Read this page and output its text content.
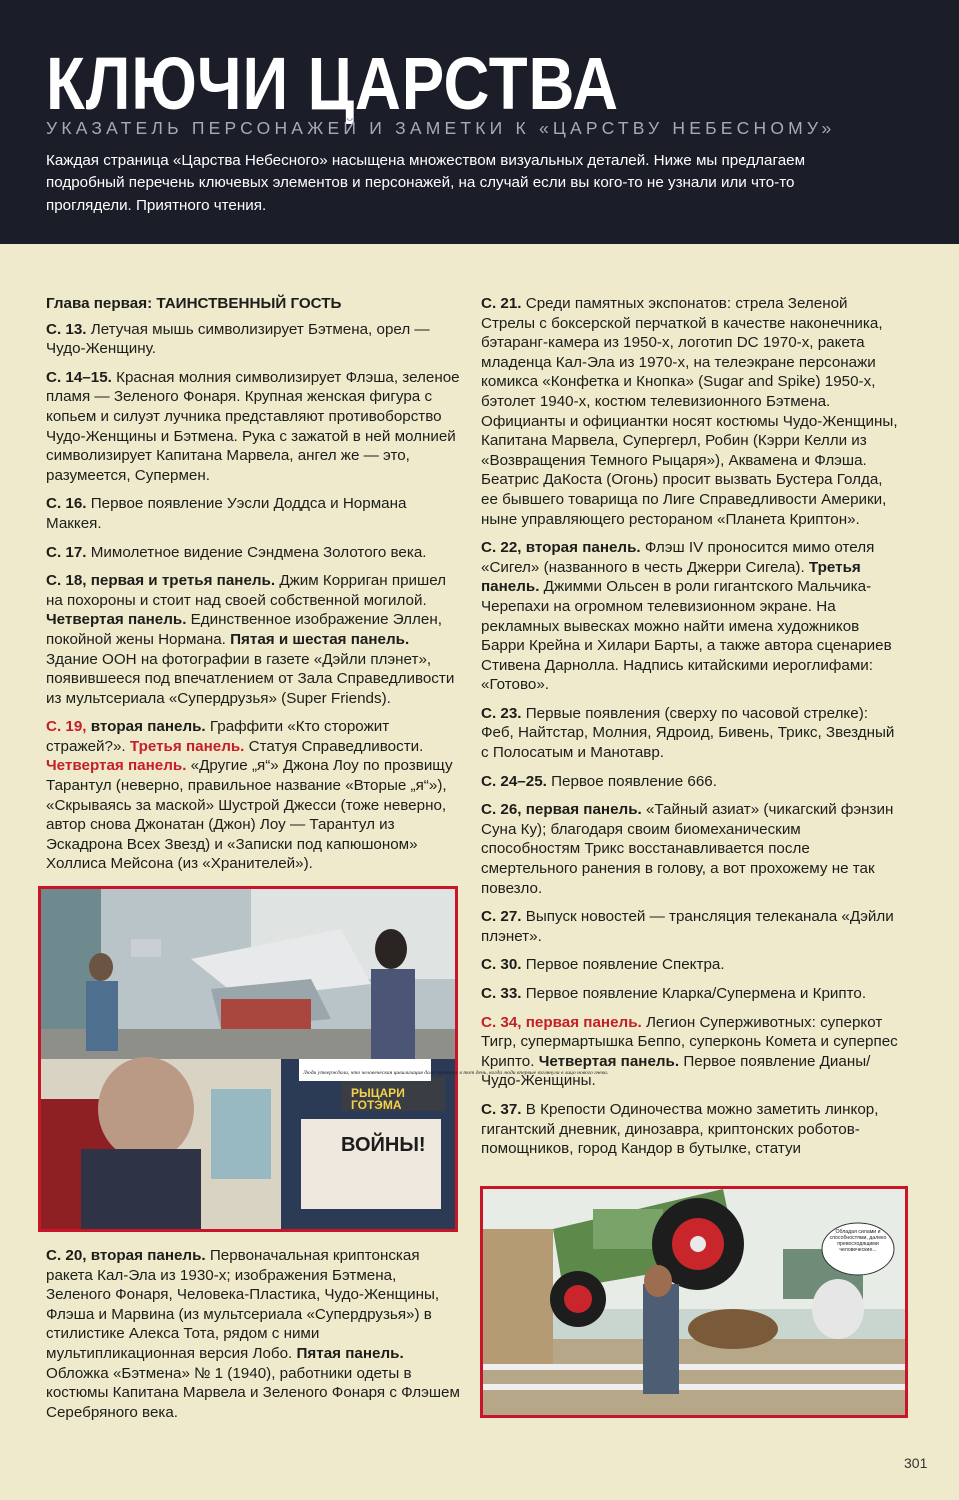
КЛЮЧИ ЦАРСТВА
УКАЗАТЕЛЬ ПЕРСОНАЖЕЙ И ЗАМЕТКИ К «ЦАРСТВУ НЕБЕСНОМУ»
Каждая страница «Царства Небесного» насыщена множеством визуальных деталей. Ниже мы предлагаем подробный перечень ключевых элементов и персонажей, на случай если вы кого-то не узнали или что-то проглядели. Приятного чтения.

Глава первая: ТАИНСТВЕННЫЙ ГОСТЬ

С. 13. Летучая мышь символизирует Бэтмена, орел — Чудо-Женщину.

С. 14–15. Красная молния символизирует Флэша, зеленое пламя — Зеленого Фонаря. Крупная женская фигура с копьем и силуэт лучника представляют противоборство Чудо-Женщины и Бэтмена. Рука с зажатой в ней молнией символизирует Капитана Марвела, ангел же — это, разумеется, Супермен.

С. 16. Первое появление Уэсли Доддса и Нормана Маккея.

С. 17. Мимолетное видение Сэндмена Золотого века.

С. 18, первая и третья панель. Джим Корриган пришел на похороны и стоит над своей собственной могилой. Четвертая панель. Единственное изображение Эллен, покойной жены Нормана. Пятая и шестая панель. Здание ООН на фотографии в газете «Дэйли плэнет», появившееся под впечатлением от Зала Справедливости из мультсериала «Супердрузья» (Super Friends).

С. 19, вторая панель. Граффити «Кто сторожит стражей?». Третья панель. Статуя Справедливости. Четвертая панель. «Другие „я“» Джона Лоу по прозвищу Тарантул (неверно, правильное название «Вторые „я“»), «Скрываясь за маской» Шустрой Джесси (тоже неверно, автор снова Джонатан (Джон) Лоу — Тарантул из Эскадрона Всех Звезд) и «Записки под капюшоном» Холлиса Мейсона (из «Хранителей»).

Люди утверждали, что человеческая цивилизация дала трещину в тот день, когда люди впервые взглянули в лицо нового гнева.
РЫЦАРИ
ГОТЭМА
ВОЙНЫ!

С. 20, вторая панель. Первоначальная криптонская ракета Кал-Эла из 1930-х; изображения Бэтмена, Зеленого Фонаря, Человека-Пластика, Чудо-Женщины, Флэша и Марвина (из мультсериала «Супердрузья») в стилистике Алекса Тота, рядом с ними мультипликационная версия Лобо. Пятая панель. Обложка «Бэтмена» № 1 (1940), работники одеты в костюмы Капитана Марвела и Зеленого Фонаря с Флэшем Серебряного века.

С. 21. Среди памятных экспонатов: стрела Зеленой Стрелы с боксерской перчаткой в качестве наконечника, бэтаранг-камера из 1950-х, логотип DC 1970-х, ракета младенца Кал-Эла из 1970-х, на телеэкране персонажи комикса «Конфетка и Кнопка» (Sugar and Spike) 1950-х, бэтолет 1940-х, костюм телевизионного Бэтмена. Официанты и официантки носят костюмы Чудо-Женщины, Капитана Марвела, Супергерл, Робин (Кэрри Келли из «Возвращения Темного Рыцаря»), Аквамена и Флэша. Беатрис ДаКоста (Огонь) просит вызвать Бустера Голда, ее бывшего товарища по Лиге Справедливости Америки, ныне управляющего рестораном «Планета Криптон».

С. 22, вторая панель. Флэш IV проносится мимо отеля «Сигел» (названного в честь Джерри Сигела). Третья панель. Джимми Ольсен в роли гигантского Мальчика-Черепахи на огромном телевизионном экране. На рекламных вывесках можно найти имена художников Барри Крейна и Хилари Барты, а также автора сценариев Стивена Дарнолла. Надпись китайскими иероглифами: «Готово».

С. 23. Первые появления (сверху по часовой стрелке): Феб, Найтстар, Молния, Ядроид, Бивень, Трикс, Звездный с Полосатым и Манотавр.

С. 24–25. Первое появление 666.

С. 26, первая панель. «Тайный азиат» (чикагский фэнзин Суна Ку); благодаря своим биомеханическим способностям Трикс восстанавливается после смертельного ранения в голову, а вот прохожему не так повезло.

С. 27. Выпуск новостей — трансляция телеканала «Дэйли плэнет».

С. 30. Первое появление Спектра.

С. 33. Первое появление Кларка/Супермена и Крипто.

С. 34, первая панель. Легион Суперживотных: суперкот Тигр, супермартышка Беппо, суперконь Комета и суперпес Крипто. Четвертая панель. Первое появление Дианы/Чудо-Женщины.

С. 37. В Крепости Одиночества можно заметить линкор, гигантский дневник, динозавра, криптонских роботов-помощников, город Кандор в бутылке, статуи

Обладая силами и способностями, далеко превосходящими человеческие...
301
